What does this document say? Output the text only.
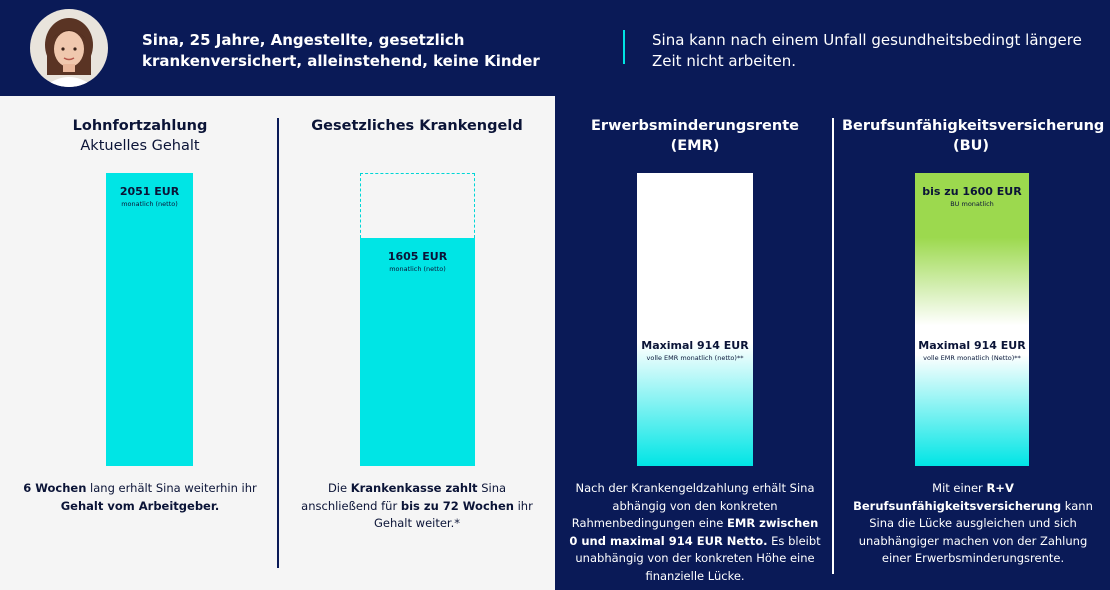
Sina, 25 Jahre, Angestellte, gesetzlich krankenversichert, alleinstehend, keine Kinder
Sina kann nach einem Unfall gesundheitsbedingt längere Zeit nicht arbeiten.
Lohnfortzahlung
Aktuelles Gehalt
2051 EUR
monatlich (netto)
6 Wochen lang erhält Sina weiterhin ihr Gehalt vom Arbeitgeber.
Gesetzliches Krankengeld
1605 EUR
monatlich (netto)
Die Krankenkasse zahlt Sina anschließend für bis zu 72 Wochen ihr Gehalt weiter.*
Erwerbsminderungsrente (EMR)
Maximal 914 EUR
volle EMR monatlich (netto)**
Nach der Krankengeldzahlung erhält Sina abhängig von den konkreten Rahmenbedingungen eine EMR zwischen 0 und maximal 914 EUR Netto. Es bleibt unabhängig von der konkreten Höhe eine finanzielle Lücke.
Berufsunfähigkeitsversicherung (BU)
bis zu 1600 EUR
BU monatlich
Maximal 914 EUR
volle EMR monatlich (Netto)**
Mit einer R+V Berufsunfähigkeitsversicherung kann Sina die Lücke ausgleichen und sich unabhängiger machen von der Zahlung einer Erwerbsminderungsrente.
